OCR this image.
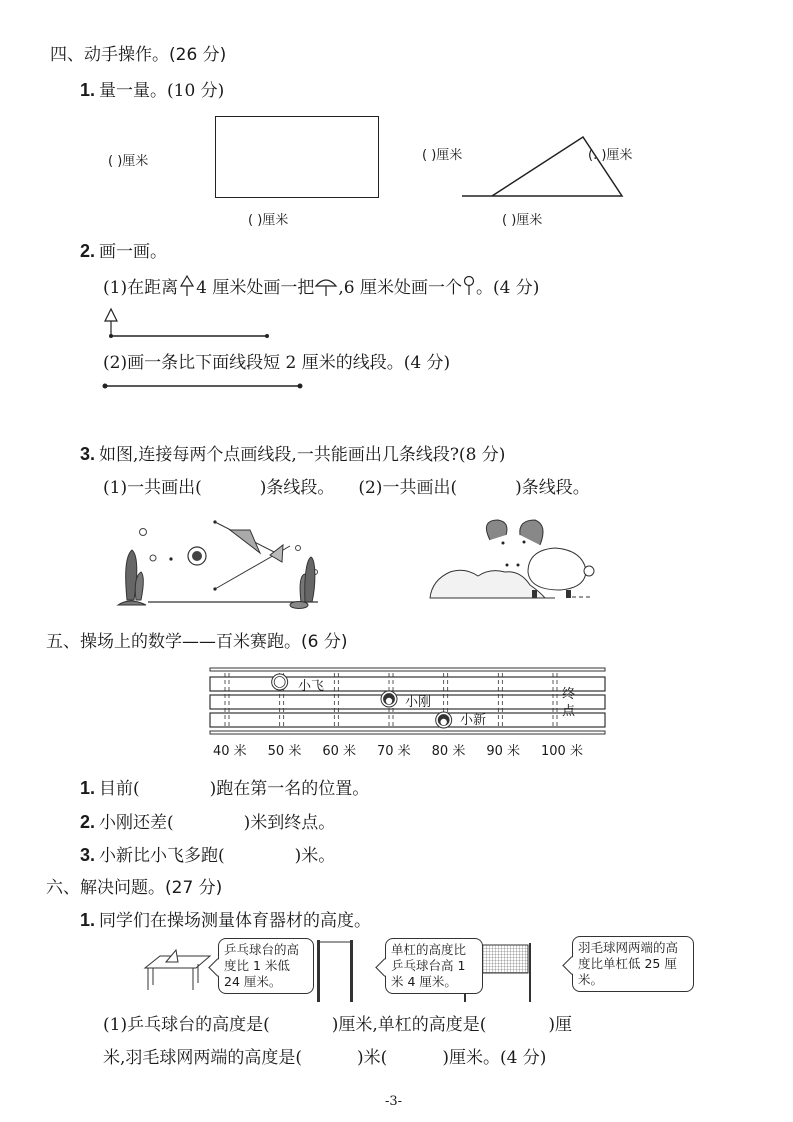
四、动手操作。(26 分)
1. 量一量。(10 分)
( )厘米
( )厘米
( )厘米	(. )厘米
( )厘米
2. 画一画。
(1)在距离 4 厘米处画一把 ,6 厘米处画一个 。(4 分)
(2)画一条比下面线段短 2 厘米的线段。(4 分)
3. 如图,连接每两个点画线段,一共能画出几条线段?(8 分)
(1)一共画出(	)条线段。 (2)一共画出(	)条线段。
五、操场上的数学——百米赛跑。(6 分)
小飞
小刚
小新
终
点
40 米 50 米 60 米 70 米 80 米 90 米 100 米
1. 目前(	)跑在第一名的位置。
2. 小刚还差(	)米到终点。
3. 小新比小飞多跑(	)米。
六、解决问题。(27 分)
1. 同学们在操场测量体育器材的高度。
乒乓球台的高度比 1 米低 24 厘米。
单杠的高度比乒乓球台高 1 米 4 厘米。
羽毛球网两端的高度比单杠低 25 厘米。
(1)乒乓球台的高度是(	)厘米,单杠的高度是(	)厘
米,羽毛球网两端的高度是(	)米(	)厘米。(4 分)
-3-
